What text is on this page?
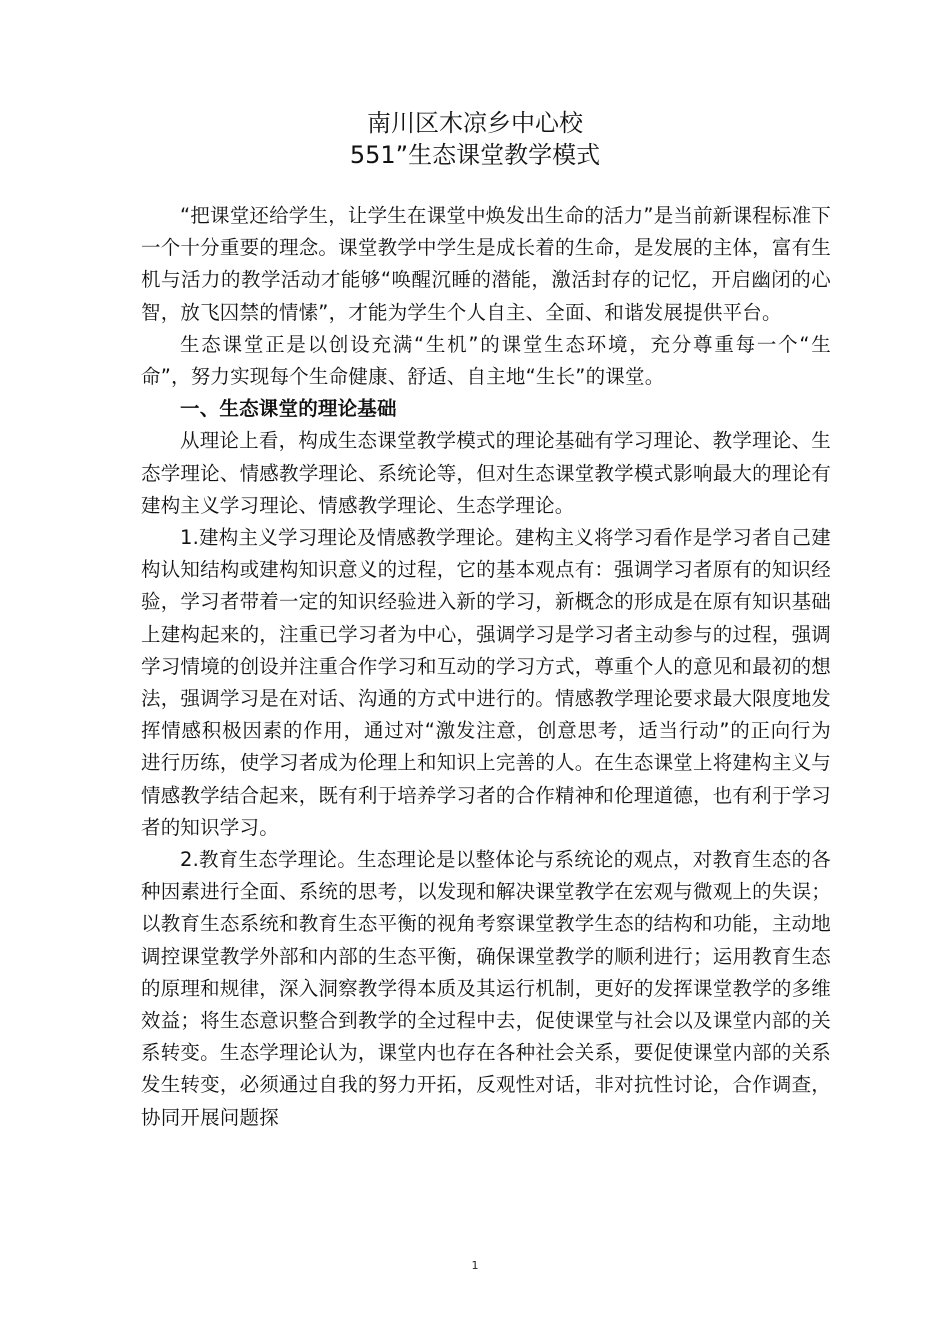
南川区木凉乡中心校
551”生态课堂教学模式

“把课堂还给学生，让学生在课堂中焕发出生命的活力”是当前新课程标准下一个十分重要的理念。课堂教学中学生是成长着的生命，是发展的主体，富有生机与活力的教学活动才能够“唤醒沉睡的潜能，激活封存的记忆，开启幽闭的心智，放飞囚禁的情愫”，才能为学生个人自主、全面、和谐发展提供平台。

生态课堂正是以创设充满“生机”的课堂生态环境，充分尊重每一个“生命”，努力实现每个生命健康、舒适、自主地“生长”的课堂。

一、生态课堂的理论基础

从理论上看，构成生态课堂教学模式的理论基础有学习理论、教学理论、生态学理论、情感教学理论、系统论等，但对生态课堂教学模式影响最大的理论有建构主义学习理论、情感教学理论、生态学理论。

1.建构主义学习理论及情感教学理论。建构主义将学习看作是学习者自己建构认知结构或建构知识意义的过程，它的基本观点有：强调学习者原有的知识经验，学习者带着一定的知识经验进入新的学习，新概念的形成是在原有知识基础上建构起来的，注重已学习者为中心，强调学习是学习者主动参与的过程，强调学习情境的创设并注重合作学习和互动的学习方式，尊重个人的意见和最初的想法，强调学习是在对话、沟通的方式中进行的。情感教学理论要求最大限度地发挥情感积极因素的作用，通过对“激发注意，创意思考，适当行动”的正向行为进行历练，使学习者成为伦理上和知识上完善的人。在生态课堂上将建构主义与情感教学结合起来，既有利于培养学习者的合作精神和伦理道德，也有利于学习者的知识学习。

2.教育生态学理论。生态理论是以整体论与系统论的观点，对教育生态的各种因素进行全面、系统的思考，以发现和解决课堂教学在宏观与微观上的失误；以教育生态系统和教育生态平衡的视角考察课堂教学生态的结构和功能，主动地调控课堂教学外部和内部的生态平衡，确保课堂教学的顺利进行；运用教育生态的原理和规律，深入洞察教学得本质及其运行机制，更好的发挥课堂教学的多维效益；将生态意识整合到教学的全过程中去，促使课堂与社会以及课堂内部的关系转变。生态学理论认为，课堂内也存在各种社会关系，要促使课堂内部的关系发生转变，必须通过自我的努力开拓，反观性对话，非对抗性讨论，合作调查，协同开展问题探

1
